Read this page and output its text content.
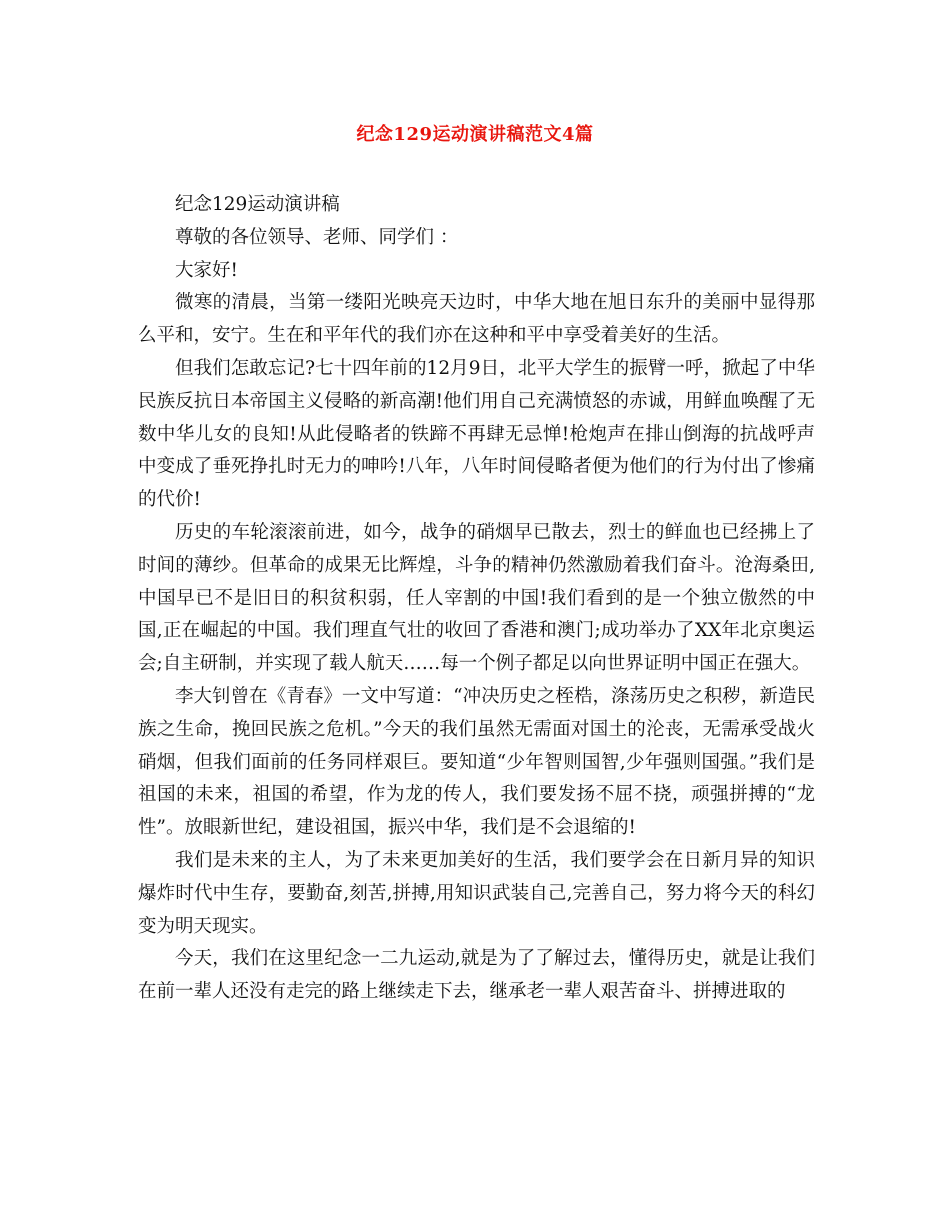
纪念129运动演讲稿范文4篇

纪念129运动演讲稿

尊敬的各位领导、老师、同学们 ：

大家好!

微寒的清晨，当第一缕阳光映亮天边时，中华大地在旭日东升的美丽中显得那么平和，安宁。生在和平年代的我们亦在这种和平中享受着美好的生活。

但我们怎敢忘记?七十四年前的12月9日，北平大学生的振臂一呼，掀起了中华民族反抗日本帝国主义侵略的新高潮!他们用自己充满愤怒的赤诚，用鲜血唤醒了无数中华儿女的良知!从此侵略者的铁蹄不再肆无忌惮!枪炮声在排山倒海的抗战呼声中变成了垂死挣扎时无力的呻吟!八年，八年时间侵略者便为他们的行为付出了惨痛的代价!

历史的车轮滚滚前进，如今，战争的硝烟早已散去，烈士的鲜血也已经拂上了时间的薄纱。但革命的成果无比辉煌，斗争的精神仍然激励着我们奋斗。沧海桑田,中国早已不是旧日的积贫积弱，任人宰割的中国!我们看到的是一个独立傲然的中国,正在崛起的中国。我们理直气壮的收回了香港和澳门;成功举办了XX年北京奥运会;自主研制，并实现了载人航天……每一个例子都足以向世界证明中国正在强大。

李大钊曾在《青春》一文中写道：“冲决历史之桎梏，涤荡历史之积秽，新造民族之生命，挽回民族之危机。”今天的我们虽然无需面对国土的沦丧，无需承受战火硝烟，但我们面前的任务同样艰巨。要知道“少年智则国智,少年强则国强。”我们是祖国的未来，祖国的希望，作为龙的传人，我们要发扬不屈不挠，顽强拼搏的“龙性”。放眼新世纪，建设祖国，振兴中华，我们是不会退缩的!

我们是未来的主人，为了未来更加美好的生活，我们要学会在日新月异的知识爆炸时代中生存，要勤奋,刻苦,拼搏,用知识武装自己,完善自己，努力将今天的科幻变为明天现实。

今天，我们在这里纪念一二九运动,就是为了了解过去，懂得历史，就是让我们在前一辈人还没有走完的路上继续走下去，继承老一辈人艰苦奋斗、拼搏进取的
